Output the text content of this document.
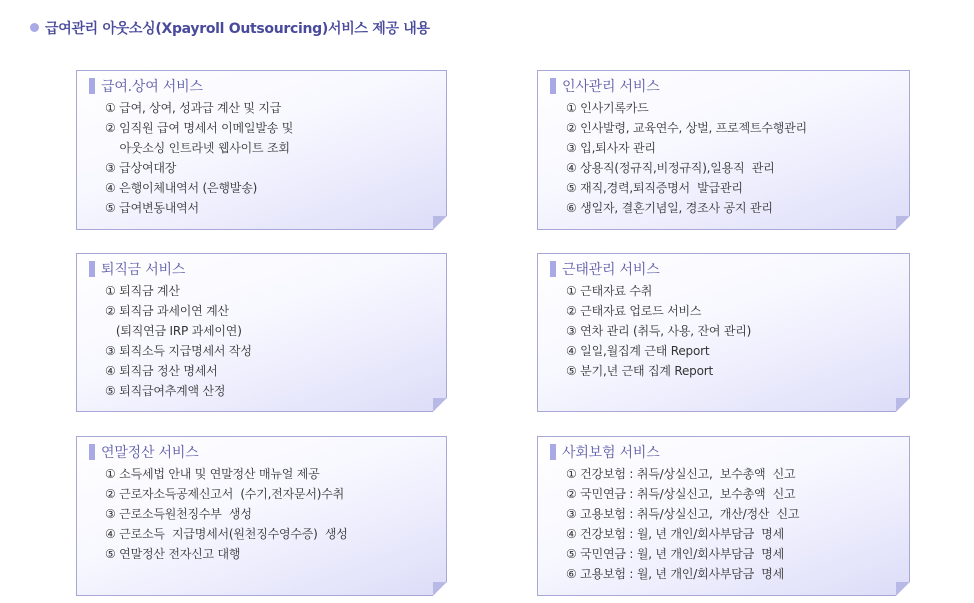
급여관리 아웃소싱(Xpayroll Outsourcing)서비스 제공 내용
급여.상여 서비스
① 급여, 상여, 성과급 계산 및 지급
② 임직원 급여 명세서 이메일발송 및
아웃소싱 인트라넷 웹사이트 조회
③ 급상여대장
④ 은행이체내역서 (은행발송)
⑤ 급여변동내역서
인사관리 서비스
① 인사기록카드
② 인사발령, 교육연수, 상벌, 프로젝트수행관리
③ 입,퇴사자 관리
④ 상용직(정규직,비정규직),일용직  관리
⑤ 재직,경력,퇴직증명서  발급관리
⑥ 생일자, 결혼기념일, 경조사 공지 관리
퇴직금 서비스
① 퇴직금 계산
② 퇴직금 과세이연 계산
(퇴직연금 IRP 과세이연)
③ 퇴직소득 지급명세서 작성
④ 퇴직금 정산 명세서
⑤ 퇴직급여추계액 산정
근태관리 서비스
① 근태자료 수취
② 근태자료 업로드 서비스
③ 연차 관리 (취득, 사용, 잔여 관리)
④ 일일,월집계 근태 Report
⑤ 분기,년 근태 집계 Report
연말정산 서비스
① 소득세법 안내 및 연말정산 매뉴얼 제공
② 근로자소득공제신고서  (수기,전자문서)수취
③ 근로소득원천징수부  생성
④ 근로소득  지급명세서(원천징수영수증)  생성
⑤ 연말정산 전자신고 대행
사회보험 서비스
① 건강보험 : 취득/상실신고,  보수총액  신고
② 국민연금 : 취득/상실신고,  보수총액  신고
③ 고용보험 : 취득/상실신고,  개산/정산  신고
④ 건강보험 : 월, 년 개인/회사부담금  명세
⑤ 국민연금 : 월, 년 개인/회사부담금  명세
⑥ 고용보험 : 월, 년 개인/회사부담금  명세
